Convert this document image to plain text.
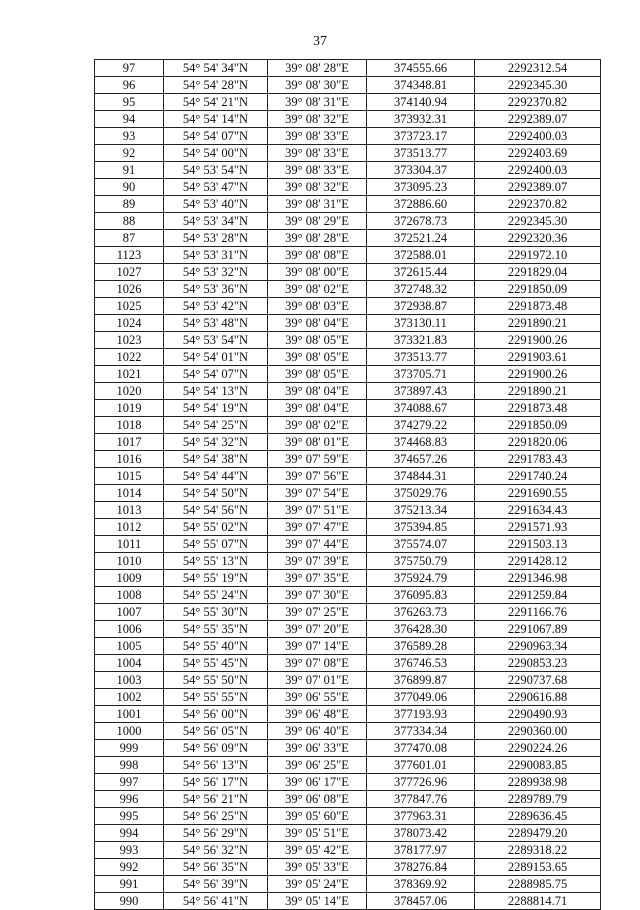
37
97	54° 54' 34"N	39° 08' 28"E	374555.66	2292312.54
96	54° 54' 28"N	39° 08' 30"E	374348.81	2292345.30
95	54° 54' 21"N	39° 08' 31"E	374140.94	2292370.82
94	54° 54' 14"N	39° 08' 32"E	373932.31	2292389.07
93	54° 54' 07"N	39° 08' 33"E	373723.17	2292400.03
92	54° 54' 00"N	39° 08' 33"E	373513.77	2292403.69
91	54° 53' 54"N	39° 08' 33"E	373304.37	2292400.03
90	54° 53' 47"N	39° 08' 32"E	373095.23	2292389.07
89	54° 53' 40"N	39° 08' 31"E	372886.60	2292370.82
88	54° 53' 34"N	39° 08' 29"E	372678.73	2292345.30
87	54° 53' 28"N	39° 08' 28"E	372521.24	2292320.36
1123	54° 53' 31"N	39° 08' 08"E	372588.01	2291972.10
1027	54° 53' 32"N	39° 08' 00"E	372615.44	2291829.04
1026	54° 53' 36"N	39° 08' 02"E	372748.32	2291850.09
1025	54° 53' 42"N	39° 08' 03"E	372938.87	2291873.48
1024	54° 53' 48"N	39° 08' 04"E	373130.11	2291890.21
1023	54° 53' 54"N	39° 08' 05"E	373321.83	2291900.26
1022	54° 54' 01"N	39° 08' 05"E	373513.77	2291903.61
1021	54° 54' 07"N	39° 08' 05"E	373705.71	2291900.26
1020	54° 54' 13"N	39° 08' 04"E	373897.43	2291890.21
1019	54° 54' 19"N	39° 08' 04"E	374088.67	2291873.48
1018	54° 54' 25"N	39° 08' 02"E	374279.22	2291850.09
1017	54° 54' 32"N	39° 08' 01"E	374468.83	2291820.06
1016	54° 54' 38"N	39° 07' 59"E	374657.26	2291783.43
1015	54° 54' 44"N	39° 07' 56"E	374844.31	2291740.24
1014	54° 54' 50"N	39° 07' 54"E	375029.76	2291690.55
1013	54° 54' 56"N	39° 07' 51"E	375213.34	2291634.43
1012	54° 55' 02"N	39° 07' 47"E	375394.85	2291571.93
1011	54° 55' 07"N	39° 07' 44"E	375574.07	2291503.13
1010	54° 55' 13"N	39° 07' 39"E	375750.79	2291428.12
1009	54° 55' 19"N	39° 07' 35"E	375924.79	2291346.98
1008	54° 55' 24"N	39° 07' 30"E	376095.83	2291259.84
1007	54° 55' 30"N	39° 07' 25"E	376263.73	2291166.76
1006	54° 55' 35"N	39° 07' 20"E	376428.30	2291067.89
1005	54° 55' 40"N	39° 07' 14"E	376589.28	2290963.34
1004	54° 55' 45"N	39° 07' 08"E	376746.53	2290853.23
1003	54° 55' 50"N	39° 07' 01"E	376899.87	2290737.68
1002	54° 55' 55"N	39° 06' 55"E	377049.06	2290616.88
1001	54° 56' 00"N	39° 06' 48"E	377193.93	2290490.93
1000	54° 56' 05"N	39° 06' 40"E	377334.34	2290360.00
999	54° 56' 09"N	39° 06' 33"E	377470.08	2290224.26
998	54° 56' 13"N	39° 06' 25"E	377601.01	2290083.85
997	54° 56' 17"N	39° 06' 17"E	377726.96	2289938.98
996	54° 56' 21"N	39° 06' 08"E	377847.76	2289789.79
995	54° 56' 25"N	39° 05' 60"E	377963.31	2289636.45
994	54° 56' 29"N	39° 05' 51"E	378073.42	2289479.20
993	54° 56' 32"N	39° 05' 42"E	378177.97	2289318.22
992	54° 56' 35"N	39° 05' 33"E	378276.84	2289153.65
991	54° 56' 39"N	39° 05' 24"E	378369.92	2288985.75
990	54° 56' 41"N	39° 05' 14"E	378457.06	2288814.71
